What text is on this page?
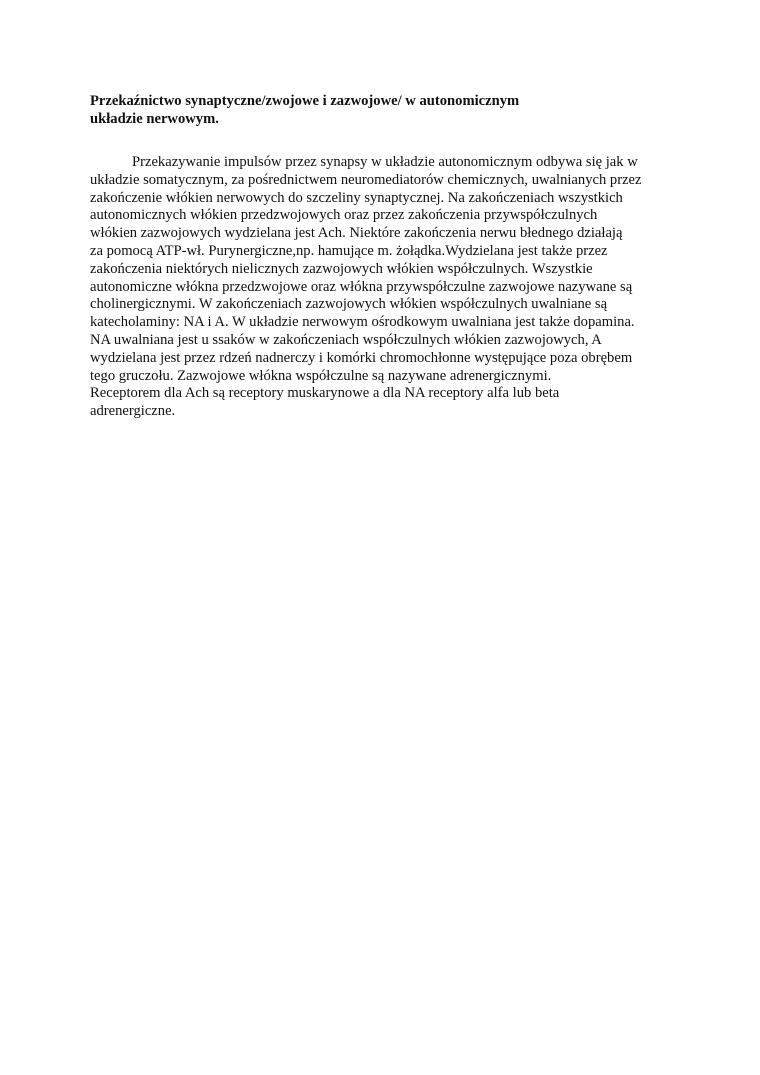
Przekaźnictwo synaptyczne/zwojowe i zazwojowe/ w autonomicznym
układzie nerwowym.
Przekazywanie impulsów przez synapsy w układzie autonomicznym odbywa się jak w
układzie somatycznym, za pośrednictwem neuromediatorów chemicznych, uwalnianych przez
zakończenie włókien nerwowych do szczeliny synaptycznej. Na zakończeniach wszystkich
autonomicznych włókien przedzwojowych oraz przez zakończenia przywspółczulnych
włókien zazwojowych wydzielana jest Ach. Niektóre zakończenia nerwu błednego działają
za pomocą ATP-wł. Purynergiczne,np. hamujące m. żołądka.Wydzielana jest także przez
zakończenia niektórych nielicznych zazwojowych włókien współczulnych. Wszystkie
autonomiczne włókna przedzwojowe oraz włókna przywspółczulne zazwojowe nazywane są
cholinergicznymi. W zakończeniach zazwojowych włókien współczulnych uwalniane są
katecholaminy: NA i A. W układzie nerwowym ośrodkowym uwalniana jest także dopamina.
NA uwalniana jest u ssaków w zakończeniach współczulnych włókien zazwojowych, A
wydzielana jest przez rdzeń nadnerczy i komórki chromochłonne występujące poza obrębem
tego gruczołu. Zazwojowe włókna współczulne są nazywane adrenergicznymi.
Receptorem dla Ach są receptory muskarynowe a dla NA receptory alfa lub beta
adrenergiczne.
